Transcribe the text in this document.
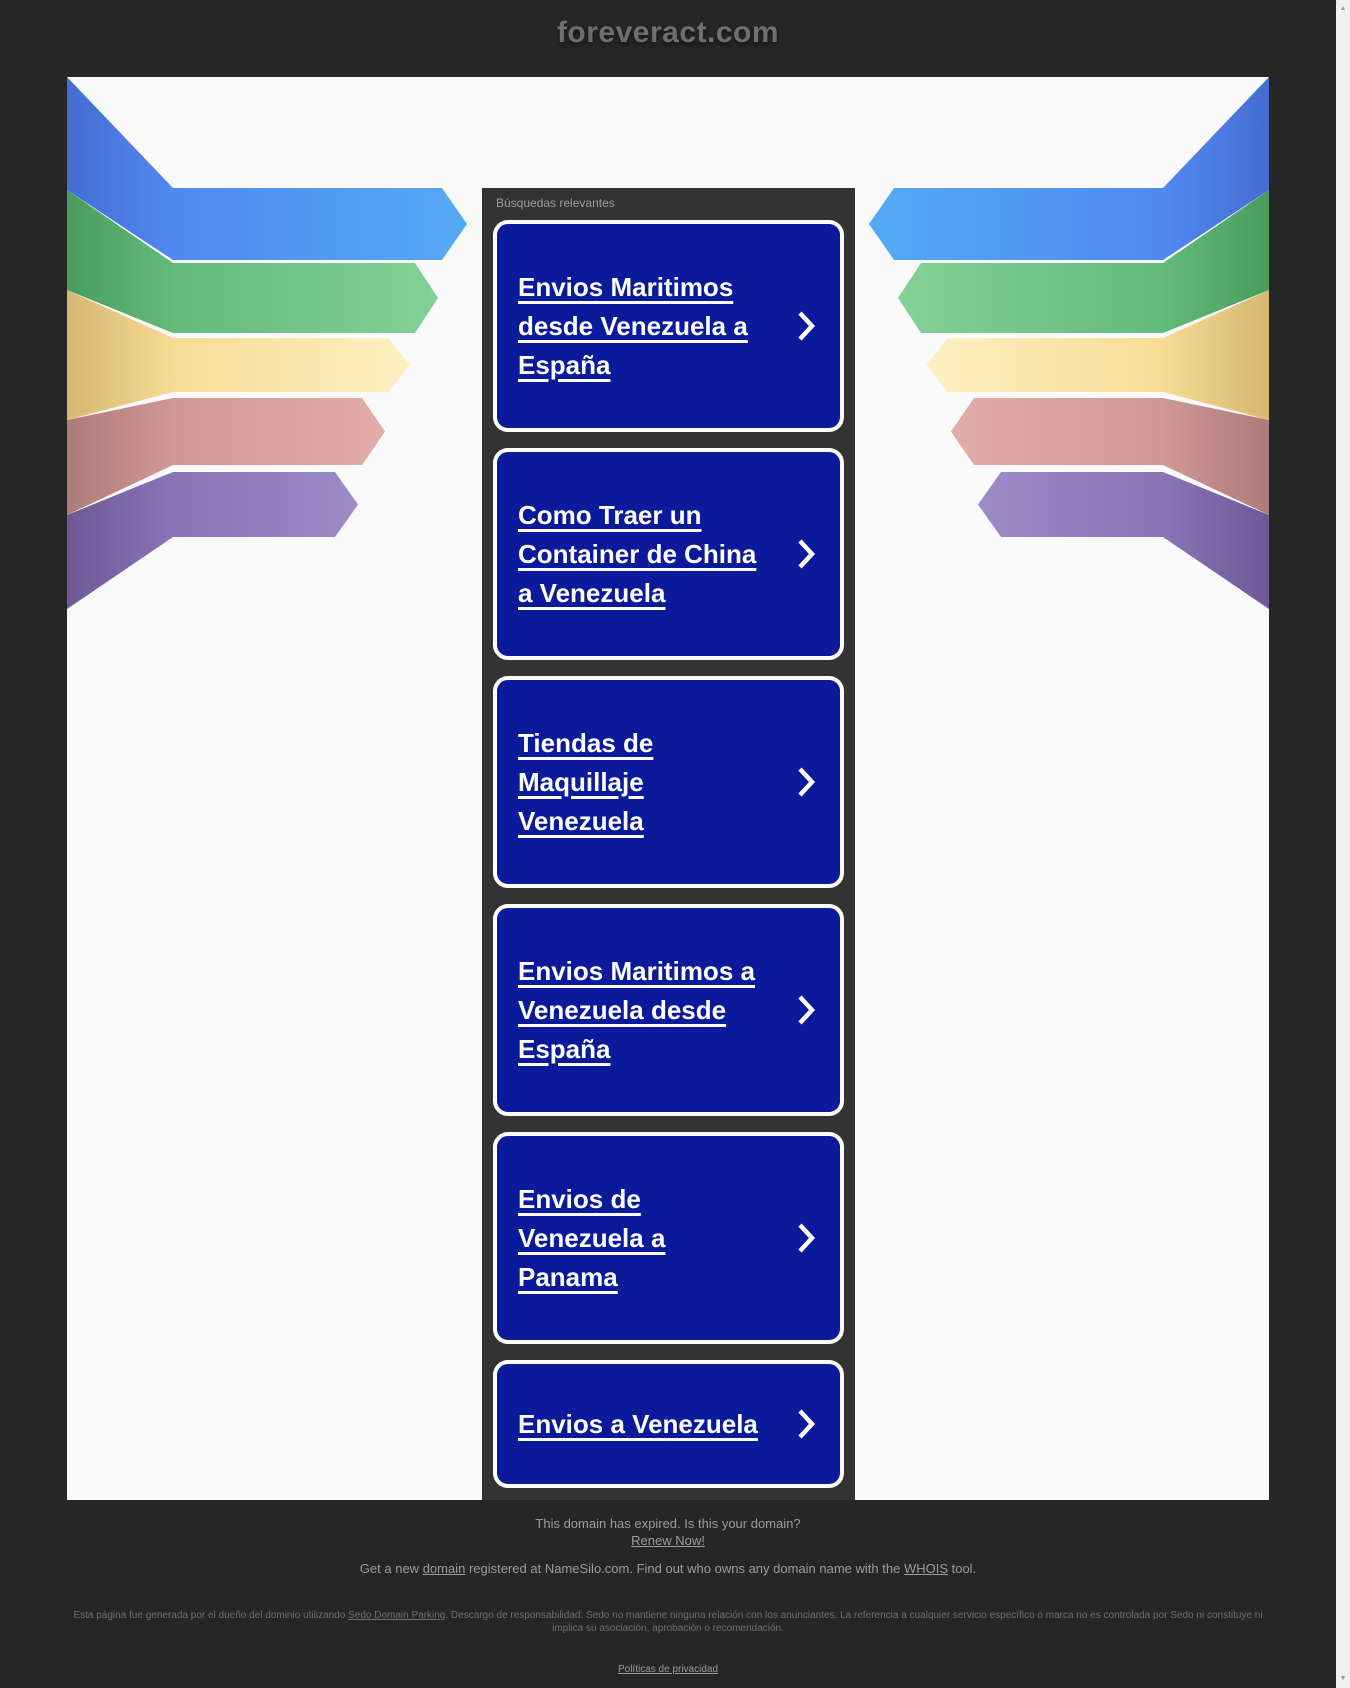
foreveract.com
Búsquedas relevantes
Envios Maritimos desde Venezuela a España
Como Traer un Container de China a Venezuela
Tiendas de Maquillaje Venezuela
Envios Maritimos a Venezuela desde España
Envios de Venezuela a Panama
Envios a Venezuela
This domain has expired. Is this your domain?
Renew Now!
Get a new domain registered at NameSilo.com. Find out who owns any domain name with the WHOIS tool.
Esta página fue generada por el dueño del dominio utilizando Sedo Domain Parking. Descargo de responsabilidad: Sedo no mantiene ninguna relación con los anunciantes. La referencia a cualquier servicio específico o marca no es controlada por Sedo ni constituye ni implica su asociación, aprobación o recomendación.
Políticas de privacidad
▲
▼
